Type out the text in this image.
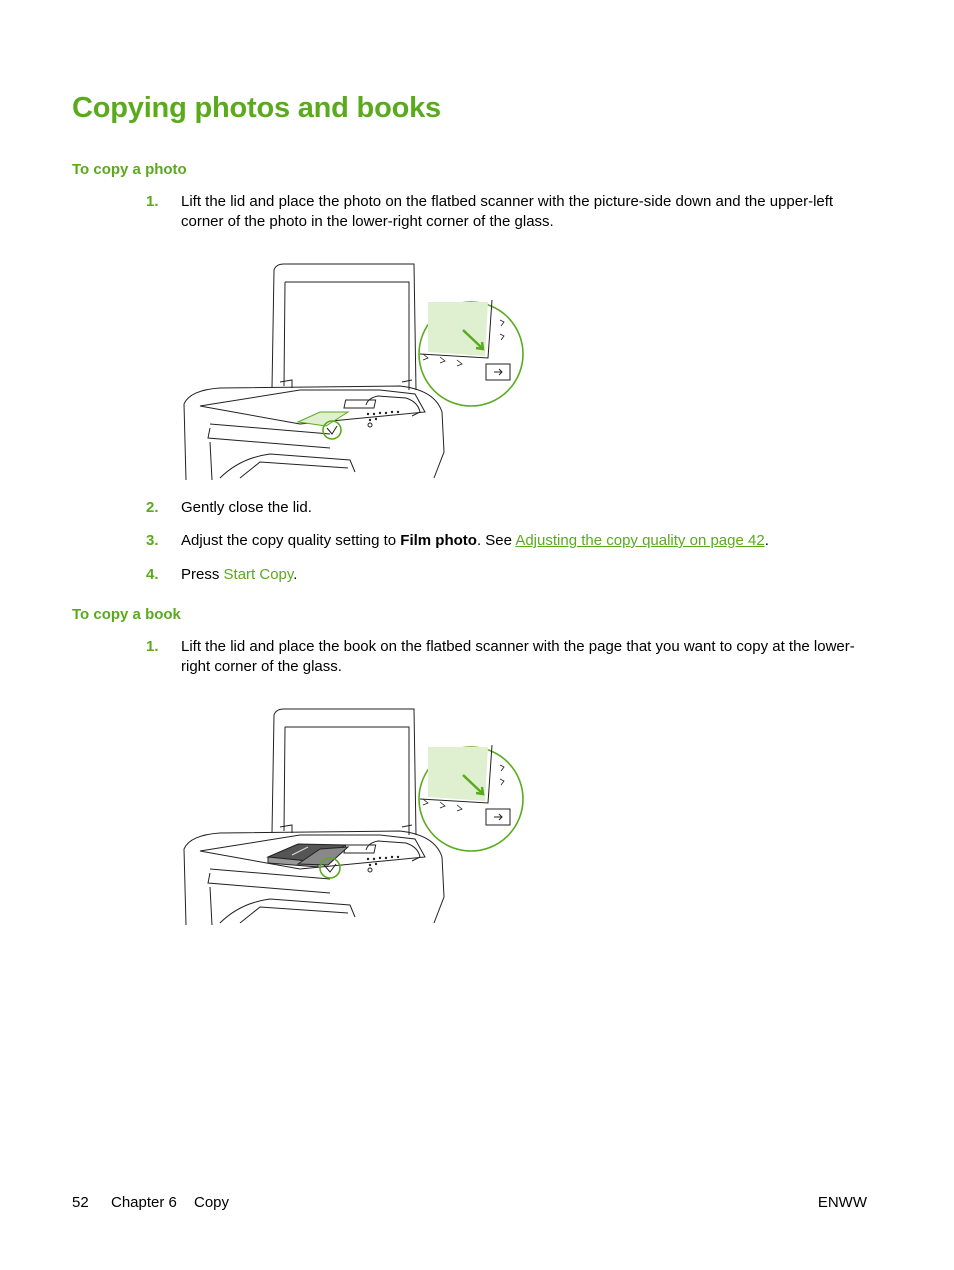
Copying photos and books
To copy a photo
1. Lift the lid and place the photo on the flatbed scanner with the picture-side down and the upper-left corner of the photo in the lower-right corner of the glass.
2. Gently close the lid.
3. Adjust the copy quality setting to Film photo. See Adjusting the copy quality on page 42.
4. Press Start Copy.
To copy a book
1. Lift the lid and place the book on the flatbed scanner with the page that you want to copy at the lower-right corner of the glass.
52 Chapter 6 Copy	ENWW
